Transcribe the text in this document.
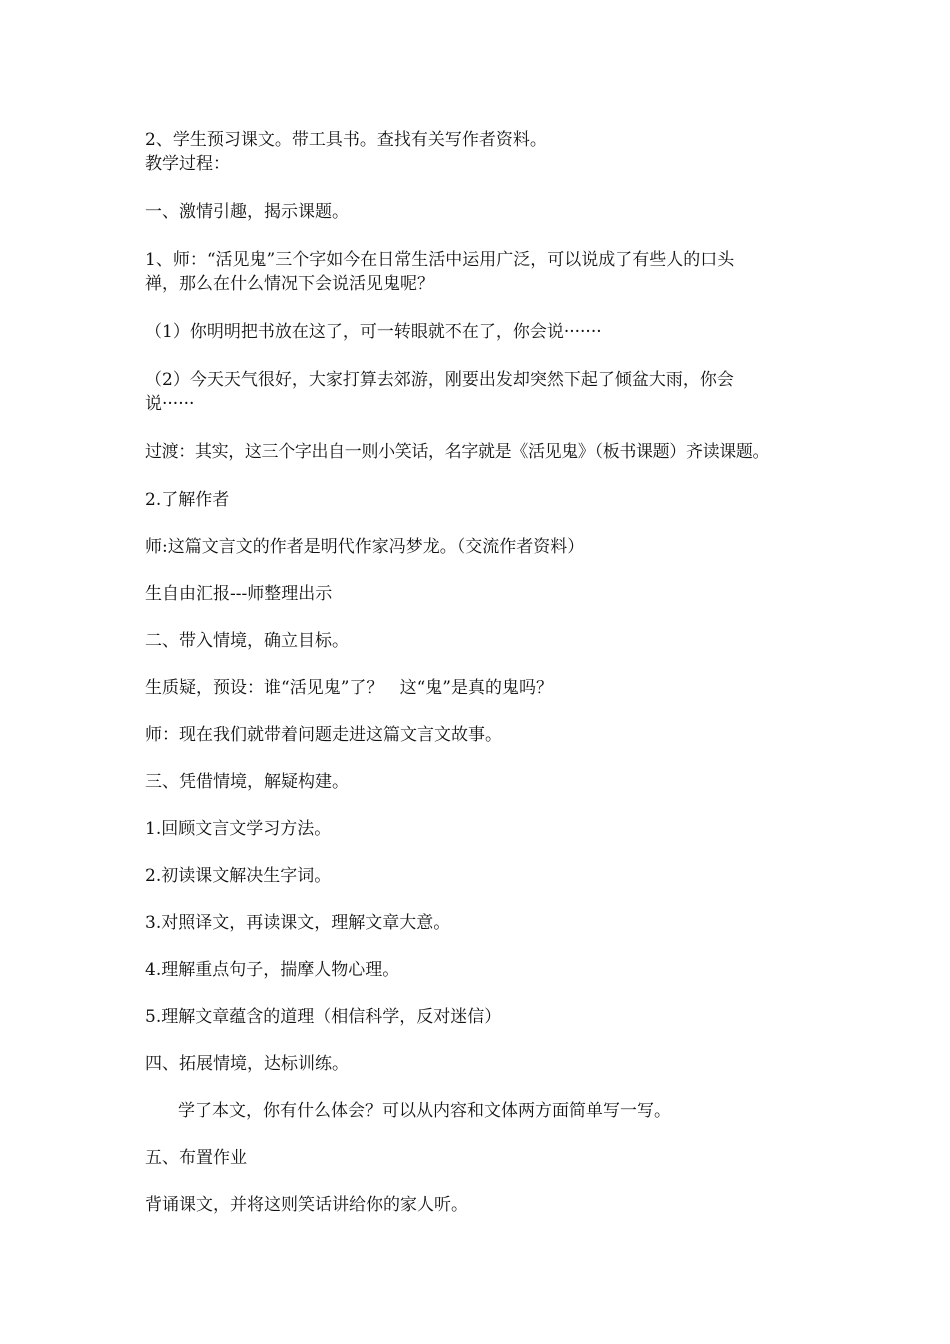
2、学生预习课文。带工具书。查找有关写作者资料。
教学过程：
一、激情引趣，揭示课题。
1、师：“活见鬼”三个字如今在日常生活中运用广泛，可以说成了有些人的口头
禅，那么在什么情况下会说活见鬼呢？
（1）你明明把书放在这了，可一转眼就不在了，你会说·······
（2）今天天气很好，大家打算去郊游，刚要出发却突然下起了倾盆大雨，你会
说······
过渡：其实，这三个字出自一则小笑话，名字就是《活见鬼》（板书课题）齐读课题。
2.了解作者
师:这篇文言文的作者是明代作家冯梦龙。（交流作者资料）
生自由汇报---师整理出示
二、带入情境，确立目标。
生质疑，预设：谁“活见鬼”了？   这“鬼”是真的鬼吗？
师：现在我们就带着问题走进这篇文言文故事。
三、凭借情境，解疑构建。
1.回顾文言文学习方法。
2.初读课文解决生字词。
3.对照译文，再读课文，理解文章大意。
4.理解重点句子，揣摩人物心理。
5.理解文章蕴含的道理（相信科学，反对迷信）
四、拓展情境，达标训练。
学了本文，你有什么体会？可以从内容和文体两方面简单写一写。
五、布置作业
背诵课文，并将这则笑话讲给你的家人听。
